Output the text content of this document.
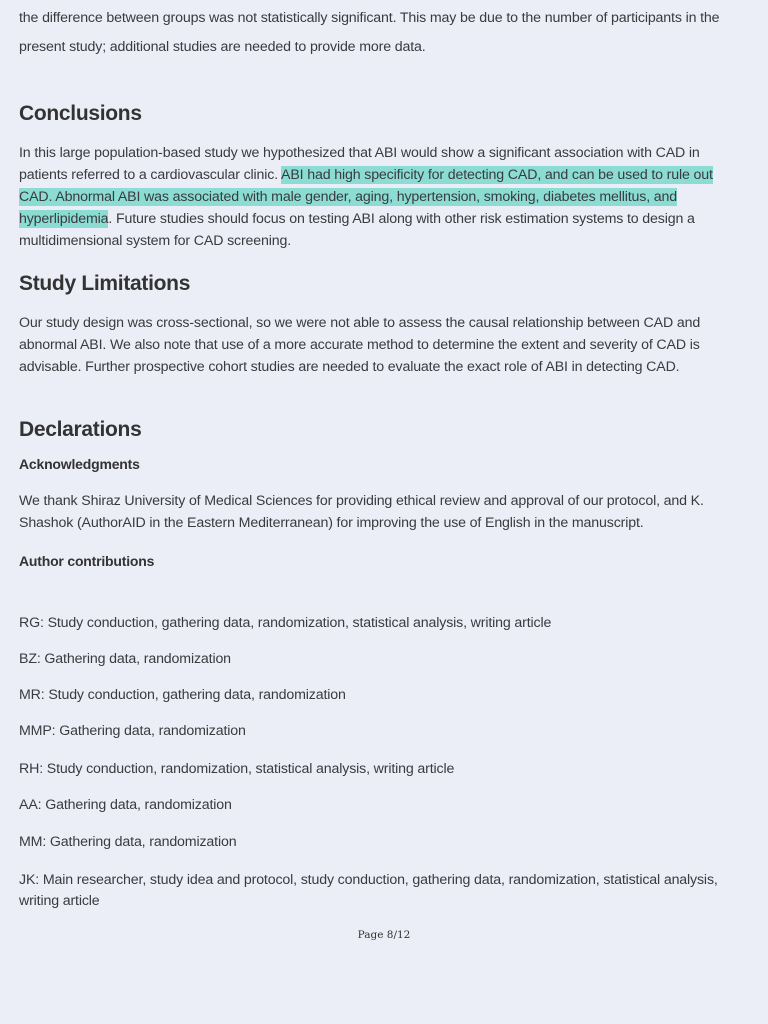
the difference between groups was not statistically significant. This may be due to the number of participants in the present study; additional studies are needed to provide more data.

Conclusions

In this large population-based study we hypothesized that ABI would show a significant association with CAD in patients referred to a cardiovascular clinic. ABI had high specificity for detecting CAD, and can be used to rule out CAD. Abnormal ABI was associated with male gender, aging, hypertension, smoking, diabetes mellitus, and hyperlipidemia. Future studies should focus on testing ABI along with other risk estimation systems to design a multidimensional system for CAD screening.

Study Limitations

Our study design was cross-sectional, so we were not able to assess the causal relationship between CAD and abnormal ABI. We also note that use of a more accurate method to determine the extent and severity of CAD is advisable. Further prospective cohort studies are needed to evaluate the exact role of ABI in detecting CAD.

Declarations
Acknowledgments

We thank Shiraz University of Medical Sciences for providing ethical review and approval of our protocol, and K. Shashok (AuthorAID in the Eastern Mediterranean) for improving the use of English in the manuscript.

Author contributions

RG: Study conduction, gathering data, randomization, statistical analysis, writing article

BZ: Gathering data, randomization

MR: Study conduction, gathering data, randomization

MMP: Gathering data, randomization

RH: Study conduction, randomization, statistical analysis, writing article

AA: Gathering data, randomization

MM: Gathering data, randomization

JK: Main researcher, study idea and protocol, study conduction, gathering data, randomization, statistical analysis, writing article

Page 8/12
